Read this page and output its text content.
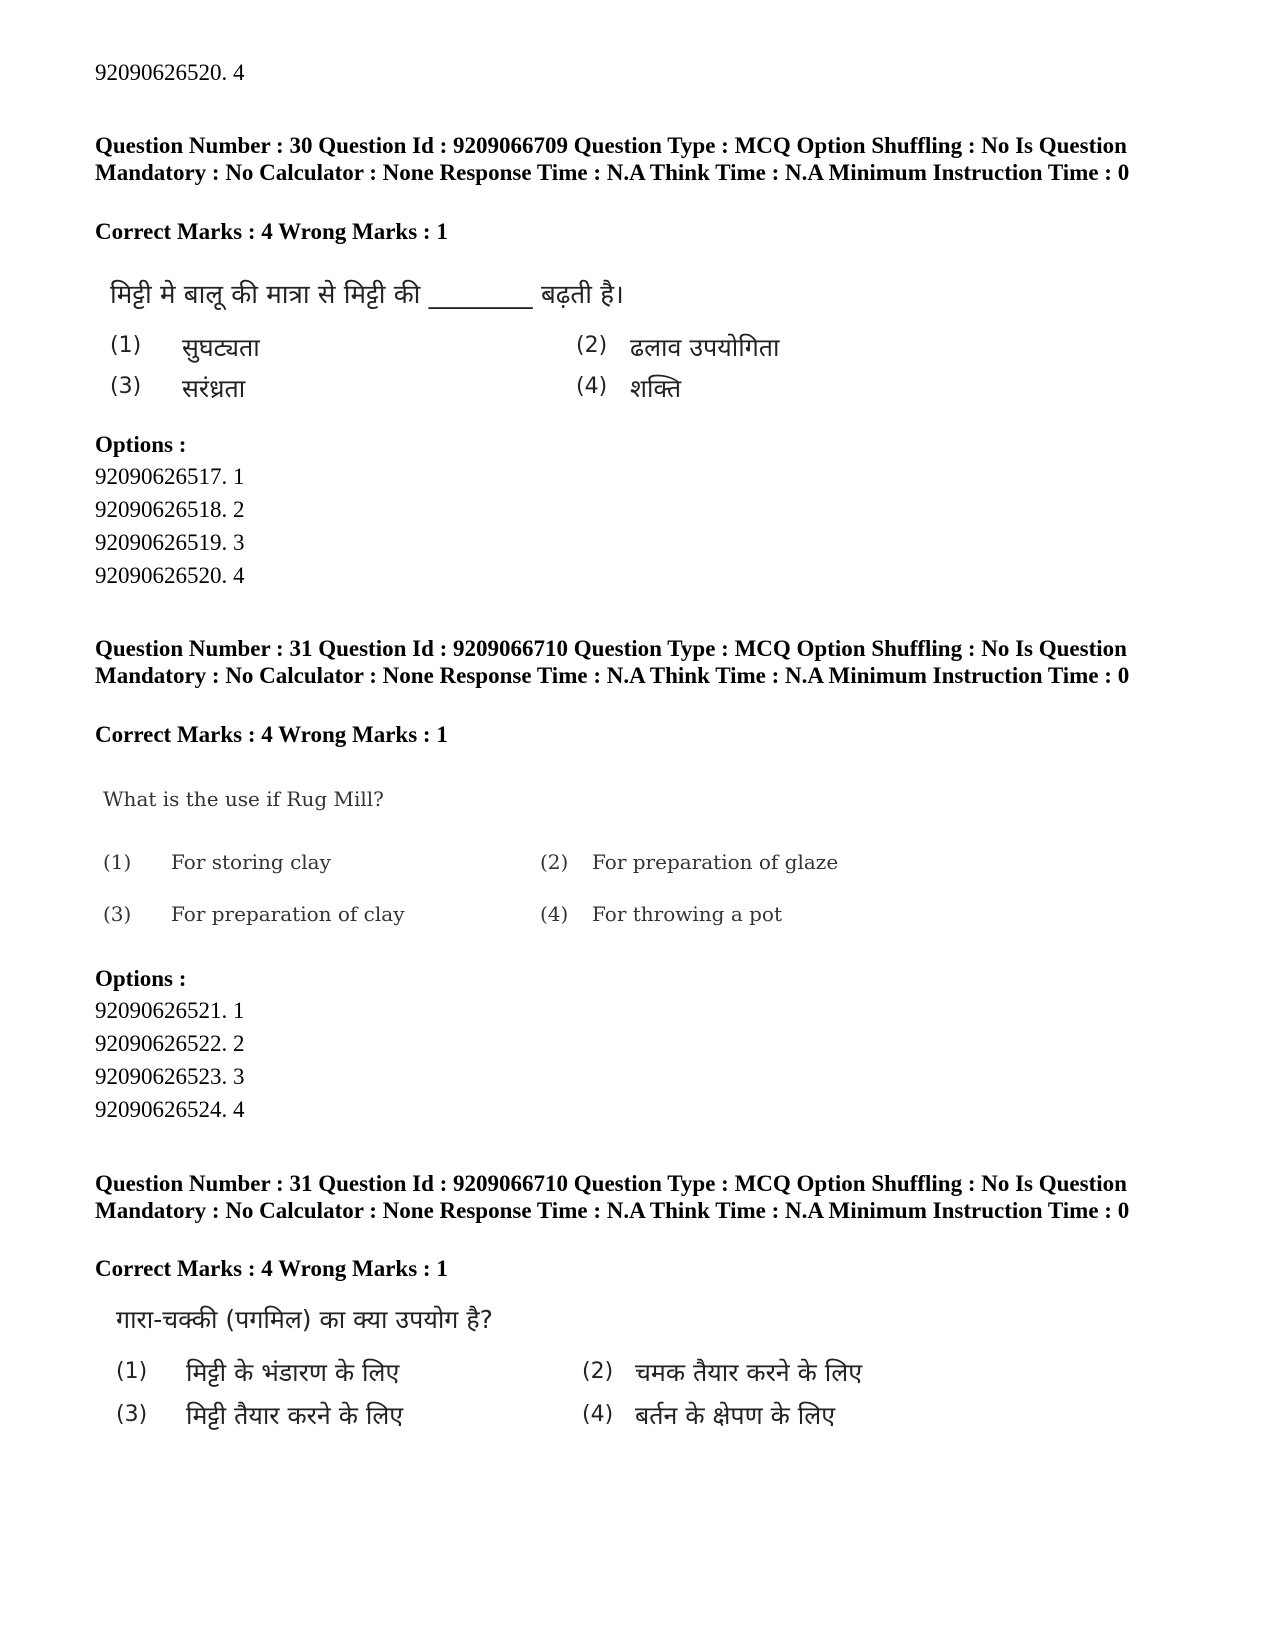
92090626520. 4
Question Number : 30 Question Id : 9209066709 Question Type : MCQ Option Shuffling : No Is Question Mandatory : No Calculator : None Response Time : N.A Think Time : N.A Minimum Instruction Time : 0
Correct Marks : 4 Wrong Marks : 1
मिट्टी मे बालू की मात्रा से मिट्टी की ________ बढ़ती है।
(1) सुघट्यता	(2) ढलाव उपयोगिता
(3) सरंध्रता	(4) शक्ति
Options :
92090626517. 1
92090626518. 2
92090626519. 3
92090626520. 4
Question Number : 31 Question Id : 9209066710 Question Type : MCQ Option Shuffling : No Is Question Mandatory : No Calculator : None Response Time : N.A Think Time : N.A Minimum Instruction Time : 0
Correct Marks : 4 Wrong Marks : 1
What is the use if Rug Mill?
(1) For storing clay	(2) For preparation of glaze
(3) For preparation of clay	(4) For throwing a pot
Options :
92090626521. 1
92090626522. 2
92090626523. 3
92090626524. 4
Question Number : 31 Question Id : 9209066710 Question Type : MCQ Option Shuffling : No Is Question Mandatory : No Calculator : None Response Time : N.A Think Time : N.A Minimum Instruction Time : 0
Correct Marks : 4 Wrong Marks : 1
गारा-चक्की (पगमिल) का क्या उपयोग है?
(1) मिट्टी के भंडारण के लिए	(2) चमक तैयार करने के लिए
(3) मिट्टी तैयार करने के लिए	(4) बर्तन के क्षेपण के लिए
